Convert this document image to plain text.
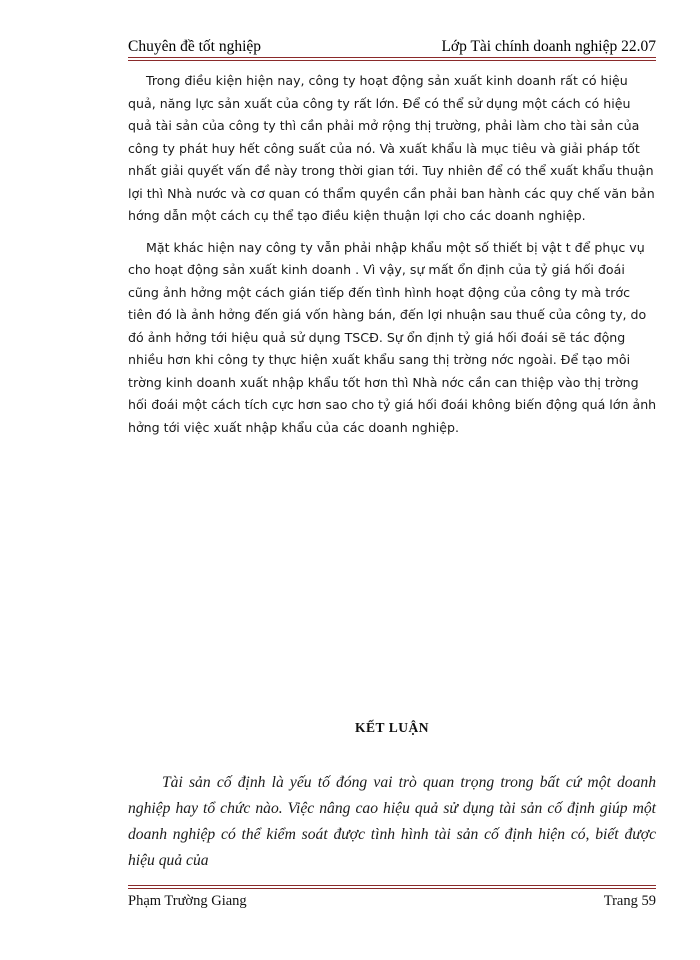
Chuyên đề tốt nghiệp	Lớp Tài chính doanh nghiệp 22.07

Trong điều kiện hiện nay, công ty hoạt động sản xuất kinh doanh rất có hiệu quả, năng lực sản xuất của công ty rất lớn. Để có thể sử dụng một cách có hiệu quả tài sản của công ty thì cần phải mở rộng thị trường, phải làm cho tài sản của công ty phát huy hết công suất của nó. Và xuất khẩu là mục tiêu và giải pháp tốt nhất giải quyết vấn đề này trong thời gian tới. Tuy nhiên để có thể xuất khẩu thuận lợi thì Nhà nước và cơ quan có thẩm quyền cần phải ban hành các quy chế văn bản hớng dẫn một cách cụ thể tạo điều kiện thuận lợi cho các doanh nghiệp.

Mặt khác hiện nay công ty vẫn phải nhập khẩu một số thiết bị vật t để phục vụ cho hoạt động sản xuất kinh doanh . Vì vậy, sự mất ổn định của tỷ giá hối đoái cũng ảnh hởng một cách gián tiếp đến tình hình hoạt động của công ty mà trớc tiên đó là ảnh hởng đến giá vốn hàng bán, đến lợi nhuận sau thuế của công ty, do đó ảnh hởng tới hiệu quả sử dụng TSCĐ. Sự ổn định tỷ giá hối đoái sẽ tác động nhiều hơn khi công ty thực hiện xuất khẩu sang thị trờng nớc ngoài. Để tạo môi trờng kinh doanh xuất nhập khẩu tốt hơn thì Nhà nớc cần can thiệp vào thị trờng hối đoái một cách tích cực hơn sao cho tỷ giá hối đoái không biến động quá lớn ảnh hởng tới việc xuất nhập khẩu của các doanh nghiệp.

KẾT LUẬN

Tài sản cố định là yếu tố đóng vai trò quan trọng trong bất cứ một doanh nghiệp hay tổ chức nào. Việc nâng cao hiệu quả sử dụng tài sản cố định giúp một doanh nghiệp có thể kiểm soát được tình hình tài sản cố định hiện có, biết được hiệu quả của

Phạm Trường Giang	Trang 59
